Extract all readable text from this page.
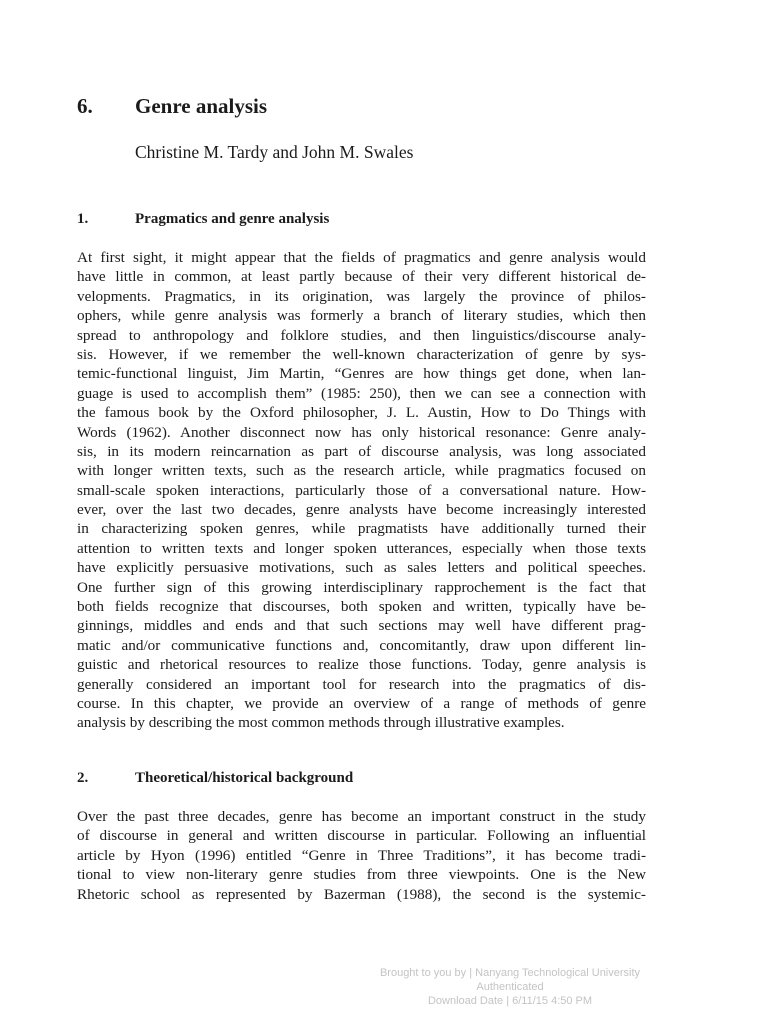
6. Genre analysis
Christine M. Tardy and John M. Swales
1.	Pragmatics and genre analysis
At first sight, it might appear that the fields of pragmatics and genre analysis would
have little in common, at least partly because of their very different historical de-
velopments. Pragmatics, in its origination, was largely the province of philos-
ophers, while genre analysis was formerly a branch of literary studies, which then
spread to anthropology and folklore studies, and then linguistics/discourse analy-
sis. However, if we remember the well-known characterization of genre by sys-
temic-functional linguist, Jim Martin, “Genres are how things get done, when lan-
guage is used to accomplish them” (1985: 250), then we can see a connection with
the famous book by the Oxford philosopher, J. L. Austin, How to Do Things with
Words (1962). Another disconnect now has only historical resonance: Genre analy-
sis, in its modern reincarnation as part of discourse analysis, was long associated
with longer written texts, such as the research article, while pragmatics focused on
small-scale spoken interactions, particularly those of a conversational nature. How-
ever, over the last two decades, genre analysts have become increasingly interested
in characterizing spoken genres, while pragmatists have additionally turned their
attention to written texts and longer spoken utterances, especially when those texts
have explicitly persuasive motivations, such as sales letters and political speeches.
One further sign of this growing interdisciplinary rapprochement is the fact that
both fields recognize that discourses, both spoken and written, typically have be-
ginnings, middles and ends and that such sections may well have different prag-
matic and/or communicative functions and, concomitantly, draw upon different lin-
guistic and rhetorical resources to realize those functions. Today, genre analysis is
generally considered an important tool for research into the pragmatics of dis-
course. In this chapter, we provide an overview of a range of methods of genre
analysis by describing the most common methods through illustrative examples.
2.	Theoretical/historical background
Over the past three decades, genre has become an important construct in the study
of discourse in general and written discourse in particular. Following an influential
article by Hyon (1996) entitled “Genre in Three Traditions”, it has become tradi-
tional to view non-literary genre studies from three viewpoints. One is the New
Rhetoric school as represented by Bazerman (1988), the second is the systemic-
Brought to you by | Nanyang Technological University
Authenticated
Download Date | 6/11/15 4:50 PM
